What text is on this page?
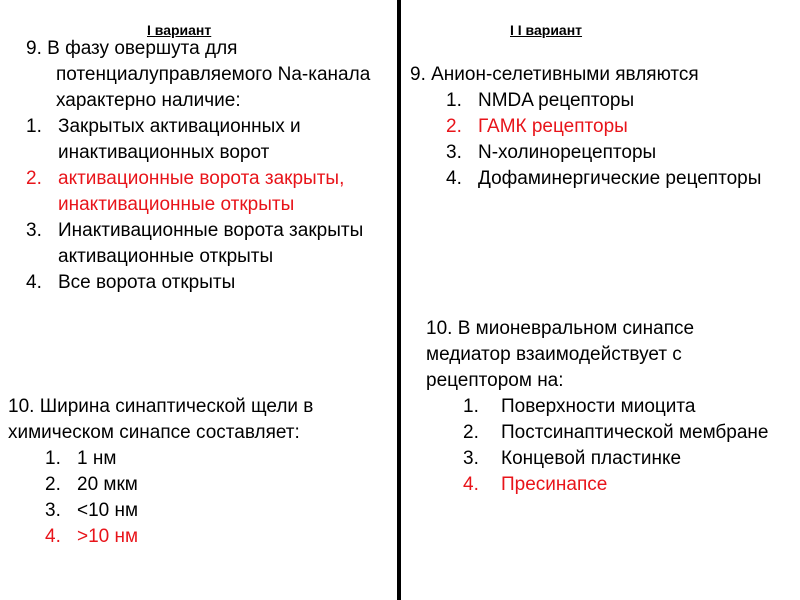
I вариант	I I вариант
9. В фазу овершута для потенциалуправляемого Na-канала характерно наличие:
1. Закрытых активационных и инактивационных ворот
2. активационные ворота закрыты, инактивационные открыты
3. Инактивационные ворота закрыты активационные открыты
4. Все ворота открыты
10. Ширина синаптической щели в химическом синапсе составляет:
1. 1 нм
2. 20 мкм
3. <10 нм
4. >10 нм
9. Анион-селетивными являются
1. NMDA рецепторы
2. ГАМК рецепторы
3. N-холинорецепторы
4. Дофаминергические рецепторы
10. В мионевральном синапсе медиатор взаимодействует с рецептором на:
1.	Поверхности миоцита
2.	Постсинаптической мембране
3.	Концевой пластинке
4.	Пресинапсе
